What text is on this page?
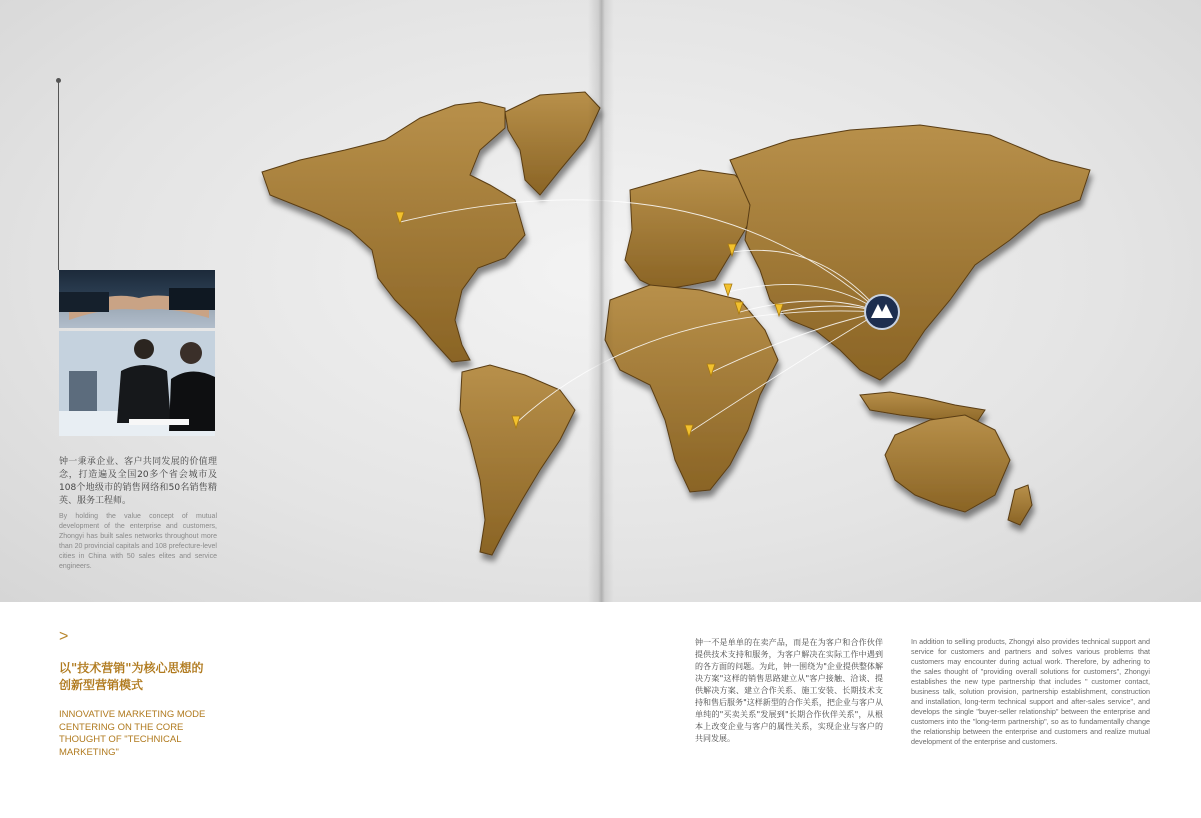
钟一秉承企业、客户共同发展的价值理念，打造遍及全国20多个省会城市及108个地级市的销售网络和50名销售精英、服务工程师。
By holding the value concept of mutual development of the enterprise and customers, Zhongyi has built sales networks throughout more than 20 provincial capitals and 108 prefecture-level cities in China with 50 sales elites and service engineers.
>
以"技术营销"为核心思想的
创新型营销模式
INNOVATIVE MARKETING MODE CENTERING ON THE CORE THOUGHT OF "TECHNICAL MARKETING"
钟一不是单单的在卖产品，而是在为客户和合作伙伴提供技术支持和服务，为客户解决在实际工作中遇到的各方面的问题。为此，钟一围绕为"企业提供整体解决方案"这样的销售思路建立从"客户接触、洽谈、提供解决方案、建立合作关系、施工安装、长期技术支持和售后服务"这样新型的合作关系，把企业与客户从单纯的"买卖关系"发展到"长期合作伙伴关系"，从根本上改变企业与客户的属性关系，实现企业与客户的共同发展。
In addition to selling products, Zhongyi also provides technical support and service for customers and partners and solves various problems that customers may encounter during actual work. Therefore, by adhering to the sales thought of "providing overall solutions for customers", Zhongyi establishes the new type partnership that includes " customer contact, business talk, solution provision, partnership establishment, construction and installation, long-term technical support and after-sales service", and develops the single "buyer-seller relationship" between the enterprise and customers into the "long-term partnership", so as to fundamentally change the relationship between the enterprise and customers and realize mutual development of the enterprise and customers.
